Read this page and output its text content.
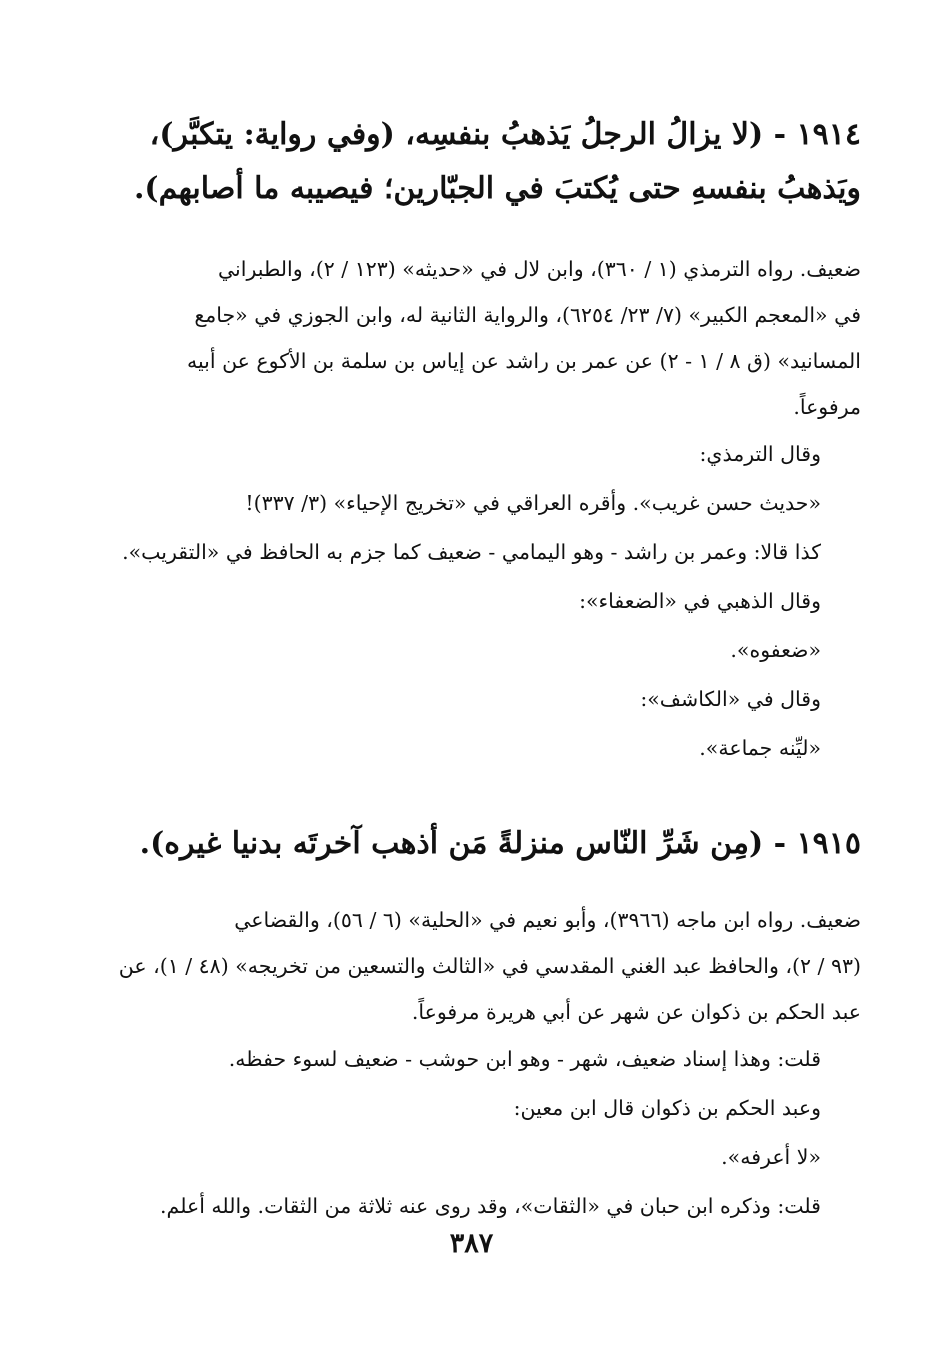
١٩١٤ - (لا يزالُ الرجلُ يَذهبُ بنفسِه، (وفي رواية: يتكبَّر)،
ويَذهبُ بنفسهِ حتى يُكتبَ في الجبّارين؛ فيصيبه ما أصابهم).

ضعيف. رواه الترمذي (١ / ٣٦٠)، وابن لال في «حديثه» (١٢٣ / ٢)، والطبراني
في «المعجم الكبير» (٧/ ٢٣/ ٦٢٥٤)، والرواية الثانية له، وابن الجوزي في «جامع
المسانيد» (ق ٨ / ١ - ٢) عن عمر بن راشد عن إياس بن سلمة بن الأكوع عن أبيه
مرفوعاً.

وقال الترمذي:

«حديث حسن غريب». وأقره العراقي في «تخريج الإحياء» (٣/ ٣٣٧)!

كذا قالا: وعمر بن راشد - وهو اليمامي - ضعيف كما جزم به الحافظ في «التقريب».

وقال الذهبي في «الضعفاء»:

«ضعفوه».

وقال في «الكاشف»:

«ليِّنه جماعة».

١٩١٥ - (مِن شَرِّ النّاس منزلةً مَن أذهب آخرتَه بدنيا غيره).

ضعيف. رواه ابن ماجه (٣٩٦٦)، وأبو نعيم في «الحلية» (٦ / ٥٦)، والقضاعي
(٩٣ / ٢)، والحافظ عبد الغني المقدسي في «الثالث والتسعين من تخريجه» (٤٨ / ١)، عن
عبد الحكم بن ذكوان عن شهر عن أبي هريرة مرفوعاً.

قلت: وهذا إسناد ضعيف، شهر - وهو ابن حوشب - ضعيف لسوء حفظه.

وعبد الحكم بن ذكوان قال ابن معين:

«لا أعرفه».

قلت: وذكره ابن حبان في «الثقات»، وقد روى عنه ثلاثة من الثقات. والله أعلم.

٣٨٧
